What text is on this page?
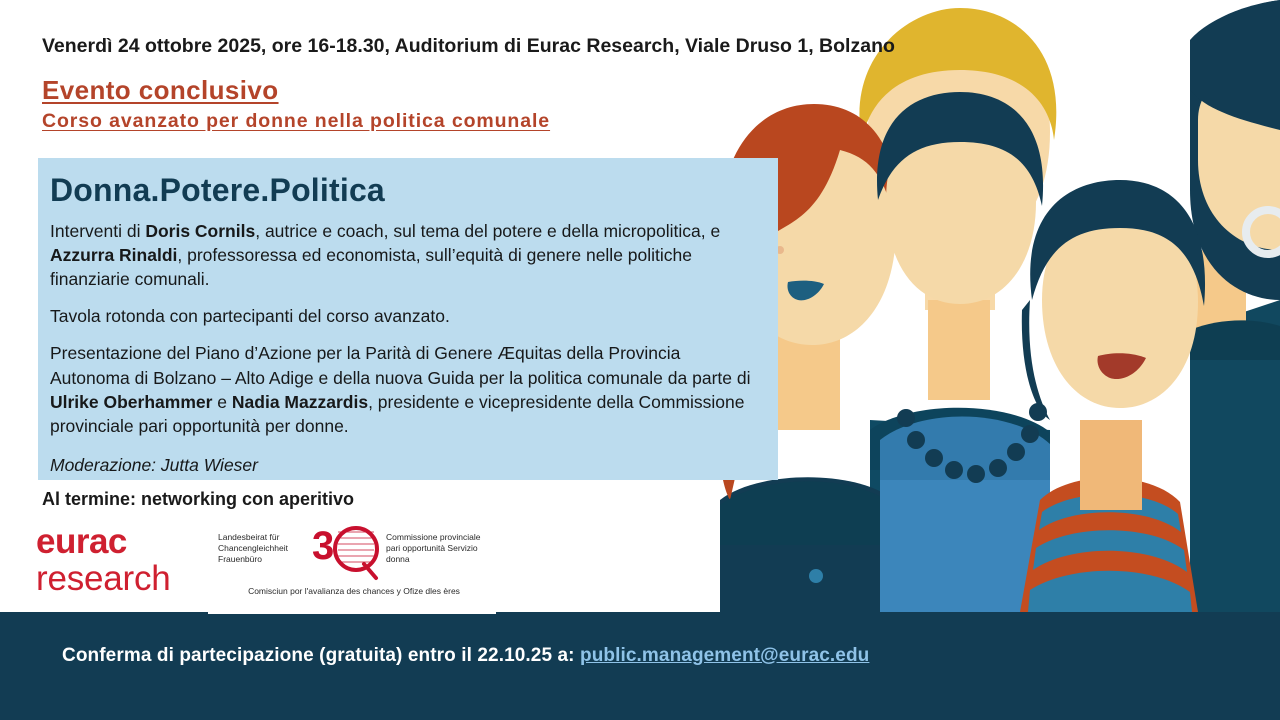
Venerdì 24 ottobre 2025, ore 16-18.30, Auditorium di Eurac Research, Viale Druso 1, Bolzano
Evento conclusivo
Corso avanzato per donne nella politica comunale
Donna.Potere.Politica

Interventi di Doris Cornils, autrice e coach, sul tema del potere e della micropolitica, e Azzurra Rinaldi, professoressa ed economista, sull’equità di genere nelle politiche finanziarie comunali.

Tavola rotonda con partecipanti del corso avanzato.

Presentazione del Piano d’Azione per la Parità di Genere Æquitas della Provincia Autonoma di Bolzano – Alto Adige e della nuova Guida per la politica comunale da parte di Ulrike Oberhammer e Nadia Mazzardis, presidente e vicepresidente della Commissione provinciale pari opportunità per donne.

Moderazione: Jutta Wieser

Al termine: networking con aperitivo
eurac
research
Landesbeirat für Chancengleichheit Frauenbüro	3	Commissione provinciale pari opportunità Servizio donna
Comisciun por l'avalianza des chances y Ofize dles ères
Conferma di partecipazione (gratuita) entro il 22.10.25 a: public.management@eurac.edu
